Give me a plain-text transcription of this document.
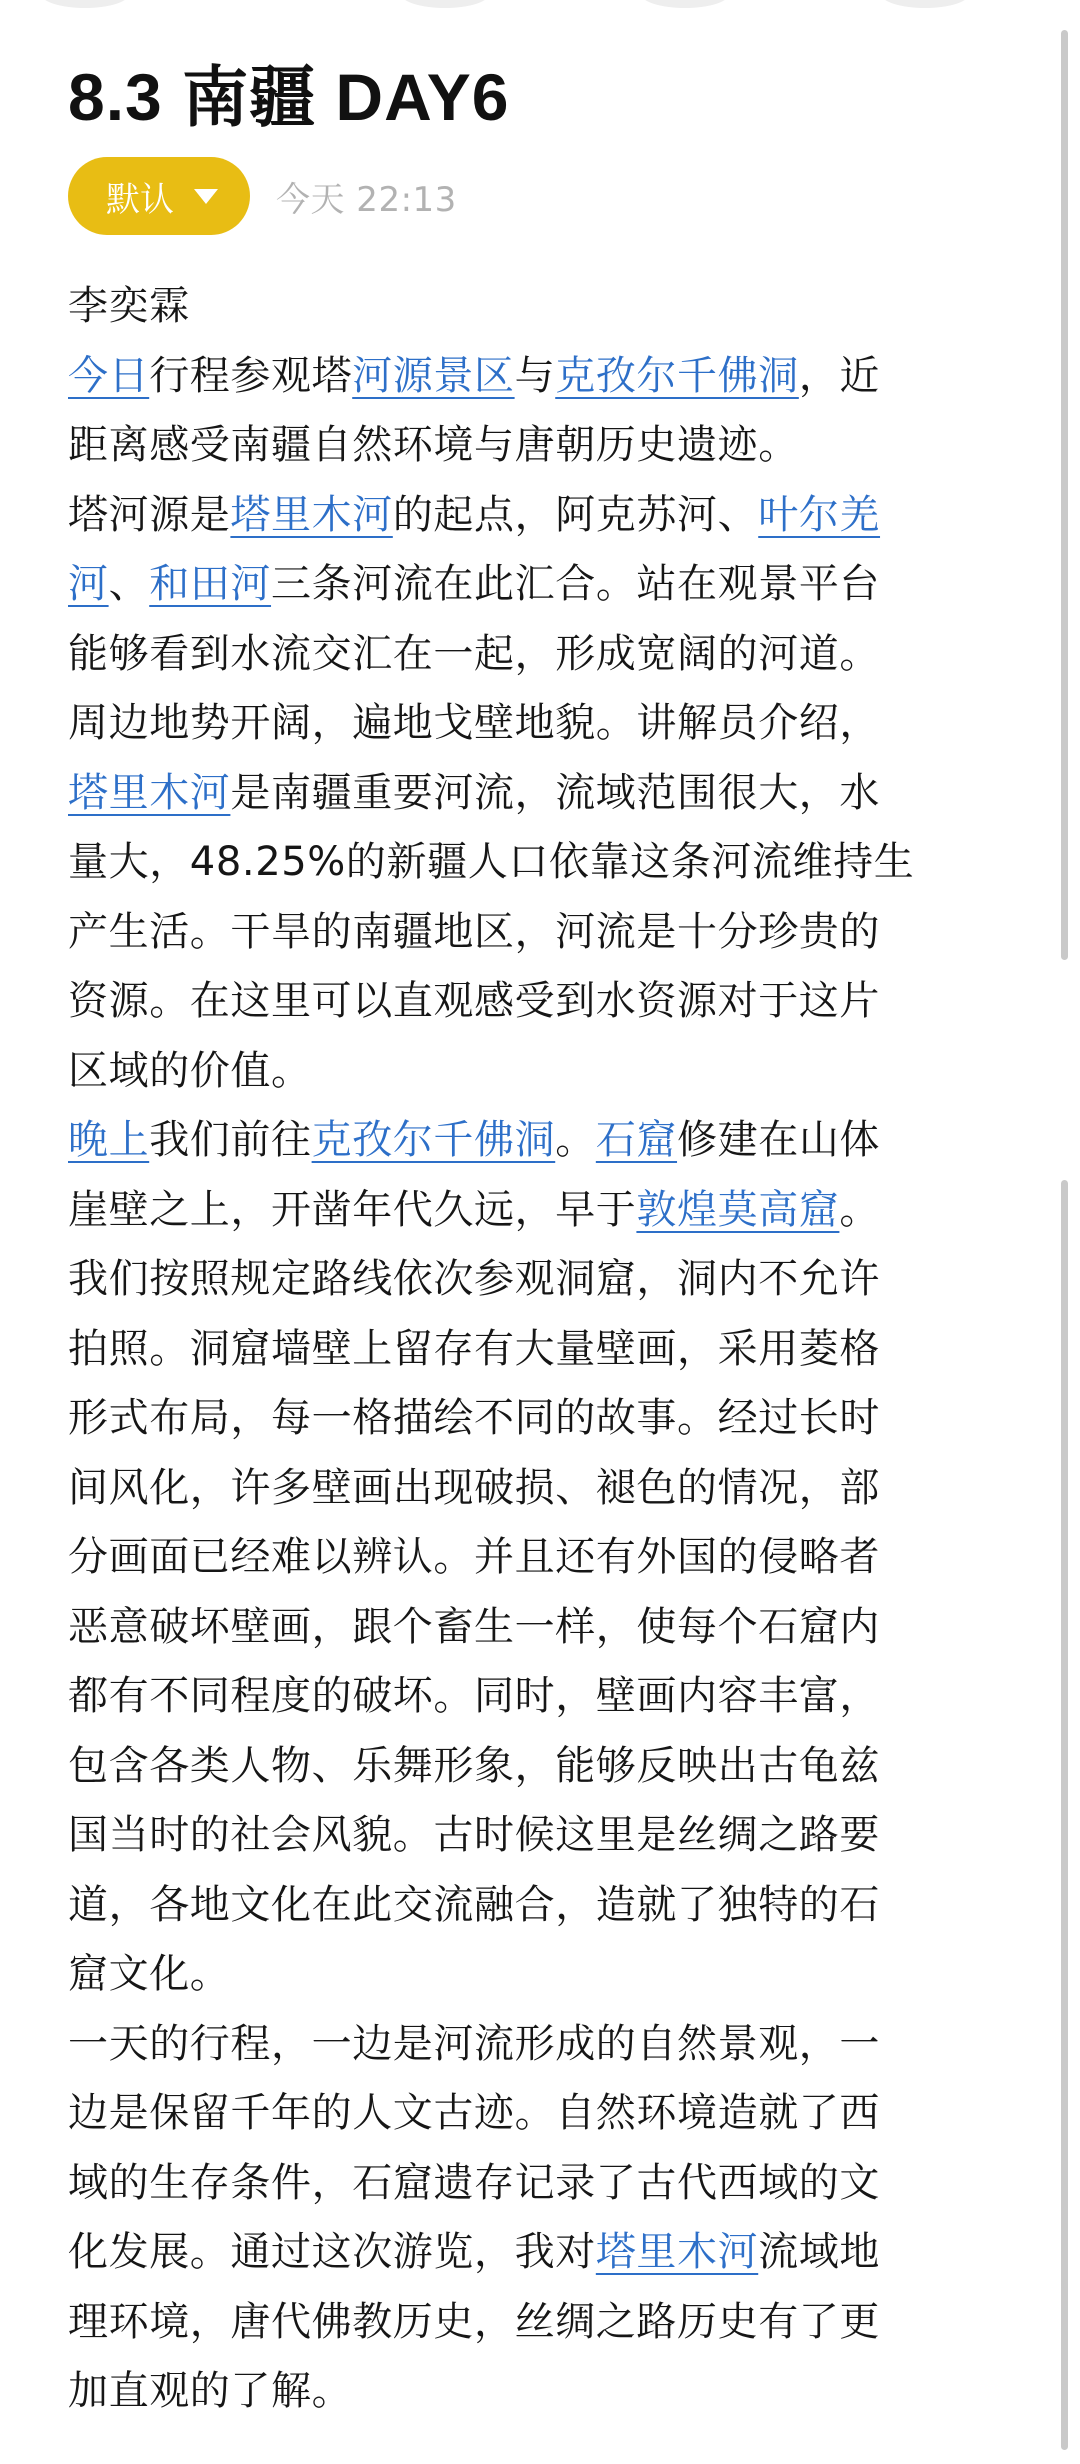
8.3 南疆 DAY6
默认	今天 22:13
李奕霖
今日行程参观塔河源景区与克孜尔千佛洞，近
距离感受南疆自然环境与唐朝历史遗迹。
塔河源是塔里木河的起点，阿克苏河、叶尔羌
河、和田河三条河流在此汇合。站在观景平台
能够看到水流交汇在一起，形成宽阔的河道。
周边地势开阔，遍地戈壁地貌。讲解员介绍，
塔里木河是南疆重要河流，流域范围很大，水
量大，48.25%的新疆人口依靠这条河流维持生
产生活。干旱的南疆地区，河流是十分珍贵的
资源。在这里可以直观感受到水资源对于这片
区域的价值。
晚上我们前往克孜尔千佛洞。石窟修建在山体
崖壁之上，开凿年代久远，早于敦煌莫高窟。
我们按照规定路线依次参观洞窟，洞内不允许
拍照。洞窟墙壁上留存有大量壁画，采用菱格
形式布局，每一格描绘不同的故事。经过长时
间风化，许多壁画出现破损、褪色的情况，部
分画面已经难以辨认。并且还有外国的侵略者
恶意破坏壁画，跟个畜生一样，使每个石窟内
都有不同程度的破坏。同时，壁画内容丰富，
包含各类人物、乐舞形象，能够反映出古龟兹
国当时的社会风貌。古时候这里是丝绸之路要
道，各地文化在此交流融合，造就了独特的石
窟文化。
一天的行程，一边是河流形成的自然景观，一
边是保留千年的人文古迹。自然环境造就了西
域的生存条件，石窟遗存记录了古代西域的文
化发展。通过这次游览，我对塔里木河流域地
理环境，唐代佛教历史，丝绸之路历史有了更
加直观的了解。
